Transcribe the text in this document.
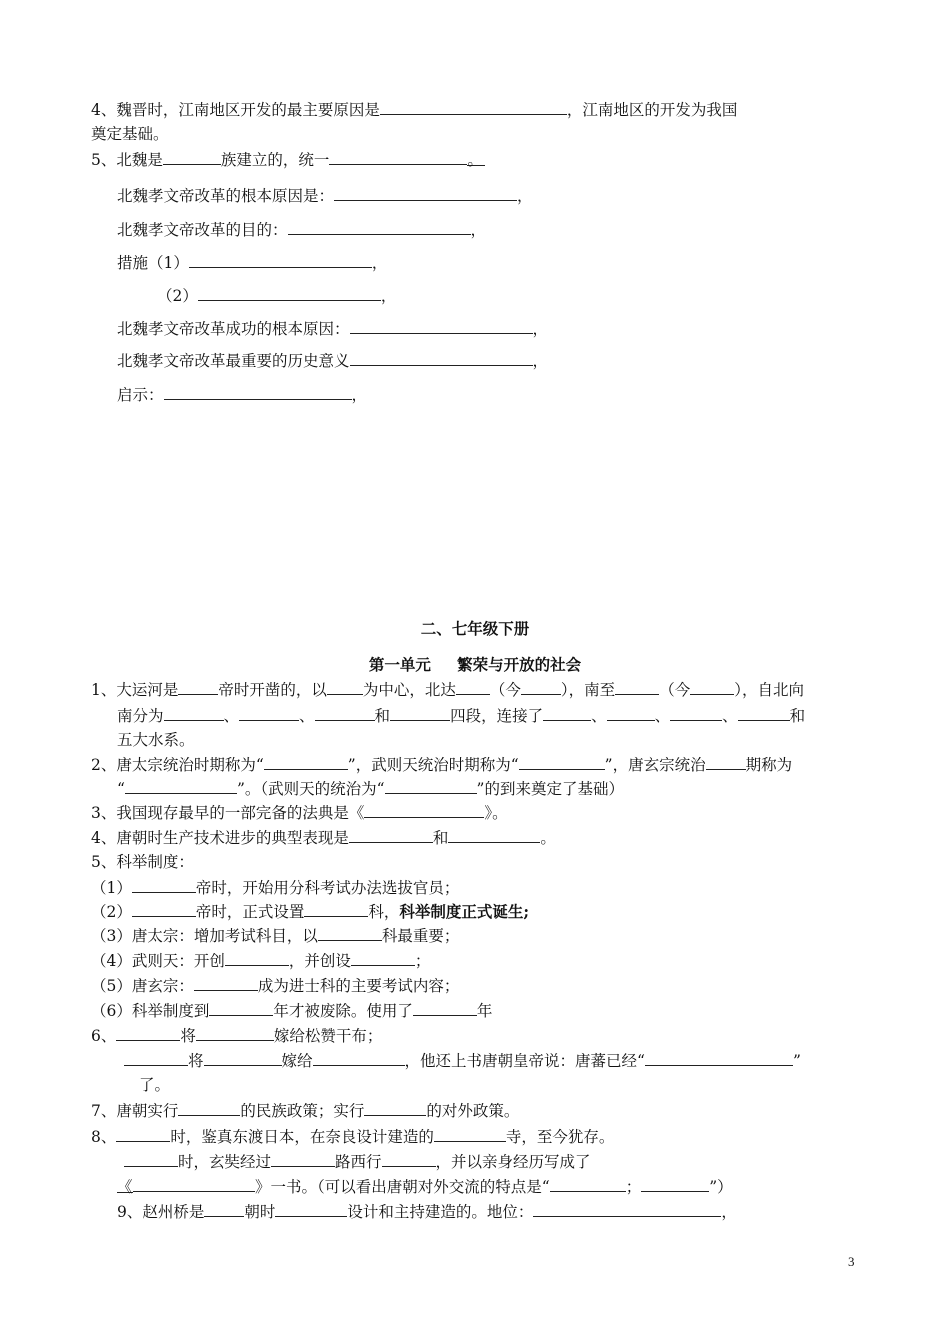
4、魏晋时，江南地区开发的最主要原因是	，江南地区的开发为我国
奠定基础。
5、北魏是	族建立的，统一	。
北魏孝文帝改革的根本原因是：	，
北魏孝文帝改革的目的：	，
措施（1）	，
（2）	，
北魏孝文帝改革成功的根本原因：	，
北魏孝文帝改革最重要的历史意义	，
启示：	，
二、七年级下册
第一单元　  繁荣与开放的社会
1、大运河是	帝时开凿的，以 为中心，北达 （今	），南至	（今	），自北向
南分为	、	、	和	四段，连接了	、	、	、	和
五大水系。
2、唐太宗统治时期称为“	”，武则天统治时期称为“	”，唐玄宗统治	期称为
“	”。（武则天的统治为“	”的到来奠定了基础）
3、我国现存最早的一部完备的法典是《	》。
4、唐朝时生产技术进步的典型表现是	和	。
5、科举制度：
（1）	帝时，开始用分科考试办法选拔官员；
（2）	帝时，正式设置	科，科举制度正式诞生;
（3）唐太宗：增加考试科目，以	科最重要；
（4）武则天：开创	，并创设	；
（5）唐玄宗：	成为进士科的主要考试内容；
（6）科举制度到	年才被废除。使用了	年
6、	将	嫁给松赞干布；
将	嫁给	，他还上书唐朝皇帝说：唐蕃已经“	”
了。
7、唐朝实行	的民族政策；实行	的对外政策。
8、	时，鉴真东渡日本，在奈良设计建造的	寺，至今犹存。
时，玄奘经过	路西行	，并以亲身经历写成了
《	》一书。（可以看出唐朝对外交流的特点是“	；	”）
9、赵州桥是	朝时	设计和主持建造的。地位：	，
3
